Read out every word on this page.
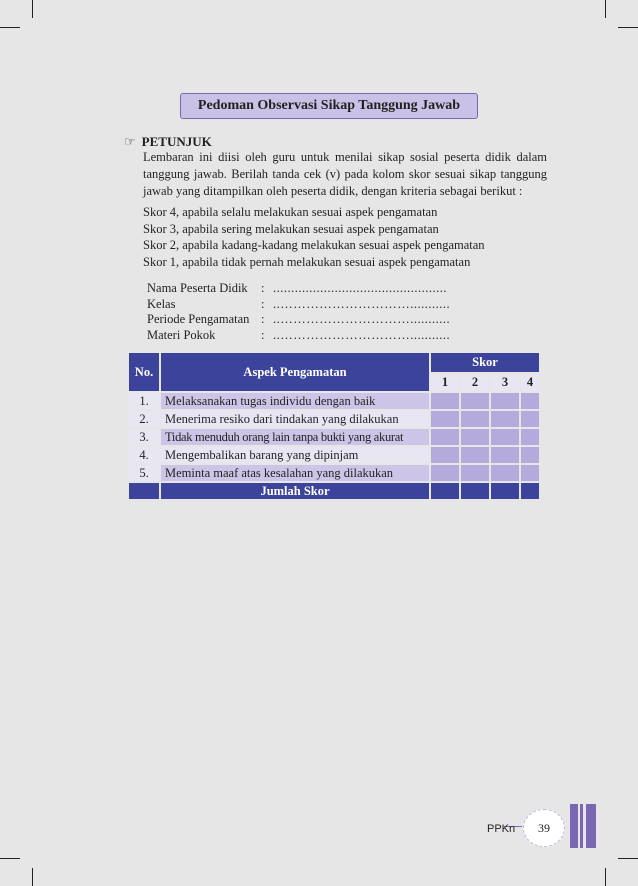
Pedoman Observasi Sikap Tanggung Jawab
☞ PETUNJUK
Lembaran ini diisi oleh guru untuk menilai sikap sosial peserta didik dalam tanggung jawab. Berilah tanda cek (v) pada kolom skor sesuai sikap tanggung jawab yang ditampilkan oleh peserta didik, dengan kriteria sebagai berikut :
Skor 4, apabila selalu melakukan sesuai aspek pengamatan
Skor 3, apabila sering melakukan sesuai aspek pengamatan
Skor 2, apabila kadang-kadang melakukan sesuai aspek pengamatan
Skor 1, apabila tidak pernah melakukan sesuai aspek pengamatan
Nama Peserta Didik	: ................................................
Kelas	: ..…………………………...........
Periode Pengamatan : ..…………………………...........
Materi Pokok	: ..…………………………...........
No.	Aspek Pengamatan	Skor			
		1	2	3	4
1.	Melaksanakan tugas individu dengan baik				
2.	Menerima resiko dari tindakan yang dilakukan				
3.	Tidak menuduh orang lain tanpa bukti yang akurat				
4.	Mengembalikan barang yang dipinjam				
5.	Meminta maaf atas kesalahan yang dilakukan				
	Jumlah Skor				
PPKn	39
